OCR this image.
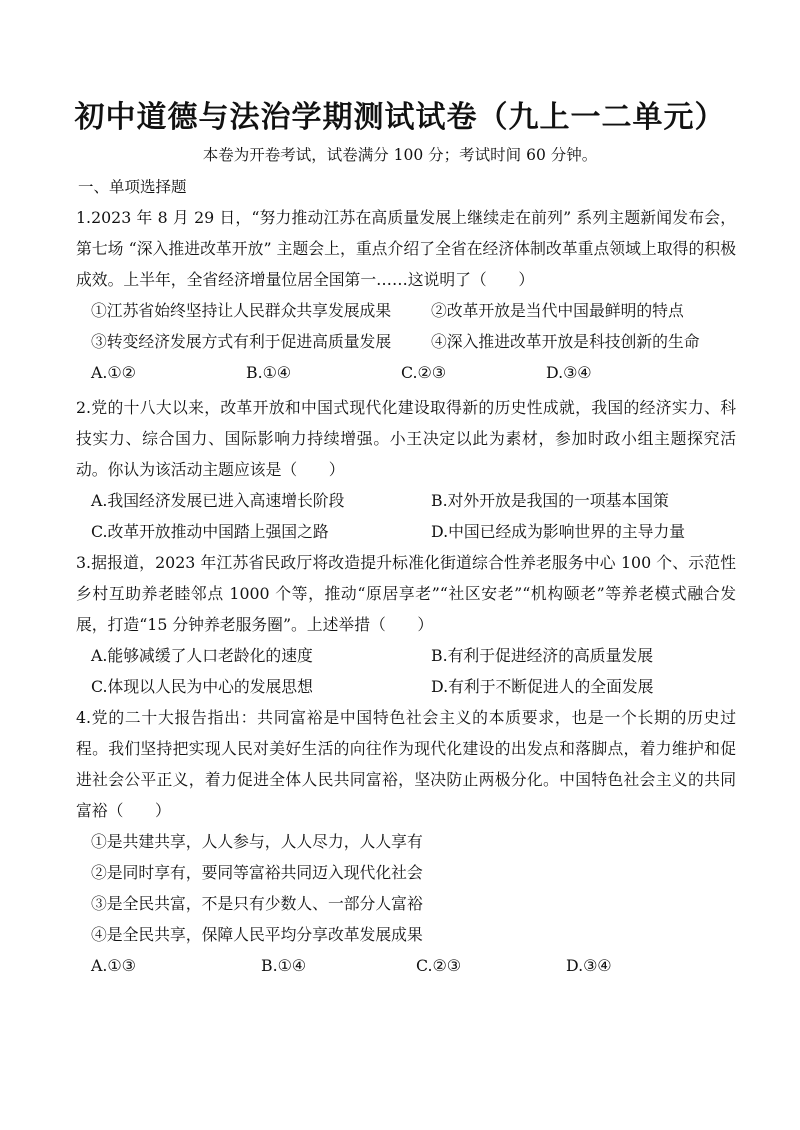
初中道德与法治学期测试试卷（九上一二单元）
本卷为开卷考试，试卷满分 100 分；考试时间 60 分钟。
一、单项选择题

1.2023 年 8 月 29 日，“努力推动江苏在高质量发展上继续走在前列” 系列主题新闻发布会，第七场 “深入推进改革开放” 主题会上，重点介绍了全省在经济体制改革重点领域上取得的积极成效。上半年，全省经济增量位居全国第一……这说明了（　　）

①江苏省始终坚持让人民群众共享发展成果	②改革开放是当代中国最鲜明的特点
③转变经济发展方式有利于促进高质量发展	④深入推进改革开放是科技创新的生命
A.①②	B.①④	C.②③	D.③④

2.党的十八大以来，改革开放和中国式现代化建设取得新的历史性成就，我国的经济实力、科技实力、综合国力、国际影响力持续增强。小王决定以此为素材，参加时政小组主题探究活动。你认为该活动主题应该是（　　）

A.我国经济发展已进入高速增长阶段	B.对外开放是我国的一项基本国策
C.改革开放推动中国踏上强国之路	D.中国已经成为影响世界的主导力量

3.据报道，2023 年江苏省民政厅将改造提升标准化街道综合性养老服务中心 100 个、示范性乡村互助养老睦邻点 1000 个等，推动“原居享老”“社区安老”“机构颐老”等养老模式融合发展，打造“15 分钟养老服务圈”。上述举措（　　）

A.能够减缓了人口老龄化的速度	B.有利于促进经济的高质量发展
C.体现以人民为中心的发展思想	D.有利于不断促进人的全面发展

4.党的二十大报告指出：共同富裕是中国特色社会主义的本质要求，也是一个长期的历史过程。我们坚持把实现人民对美好生活的向往作为现代化建设的出发点和落脚点，着力维护和促进社会公平正义，着力促进全体人民共同富裕，坚决防止两极分化。中国特色社会主义的共同富裕（　　）

①是共建共享，人人参与，人人尽力，人人享有
②是同时享有，要同等富裕共同迈入现代化社会
③是全民共富，不是只有少数人、一部分人富裕
④是全民共享，保障人民平均分享改革发展成果
A.①③	B.①④	C.②③	D.③④
